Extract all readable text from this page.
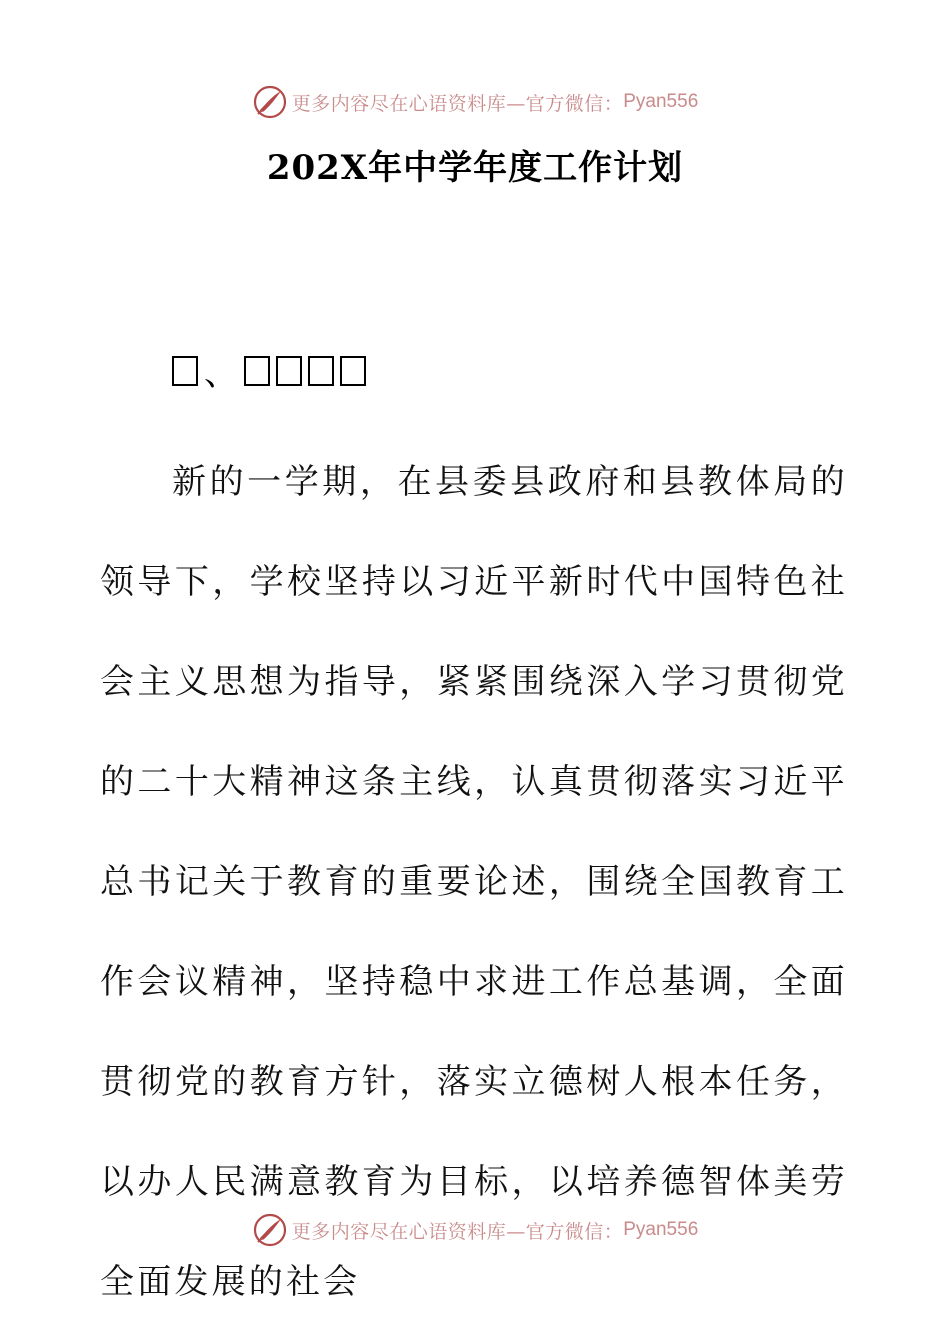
更多内容尽在心语资料库—官方微信： Pyan556
202X年中学年度工作计划
、

新的一学期，在县委县政府和县教体局的领导下，学校坚持以习近平新时代中国特色社会主义思想为指导，紧紧围绕深入学习贯彻党的二十大精神这条主线，认真贯彻落实习近平总书记关于教育的重要论述，围绕全国教育工作会议精神，坚持稳中求进工作总基调，全面贯彻党的教育方针，落实立德树人根本任务，以办人民满意教育为目标，以培养德智体美劳全面发展的社会

更多内容尽在心语资料库—官方微信： Pyan556
